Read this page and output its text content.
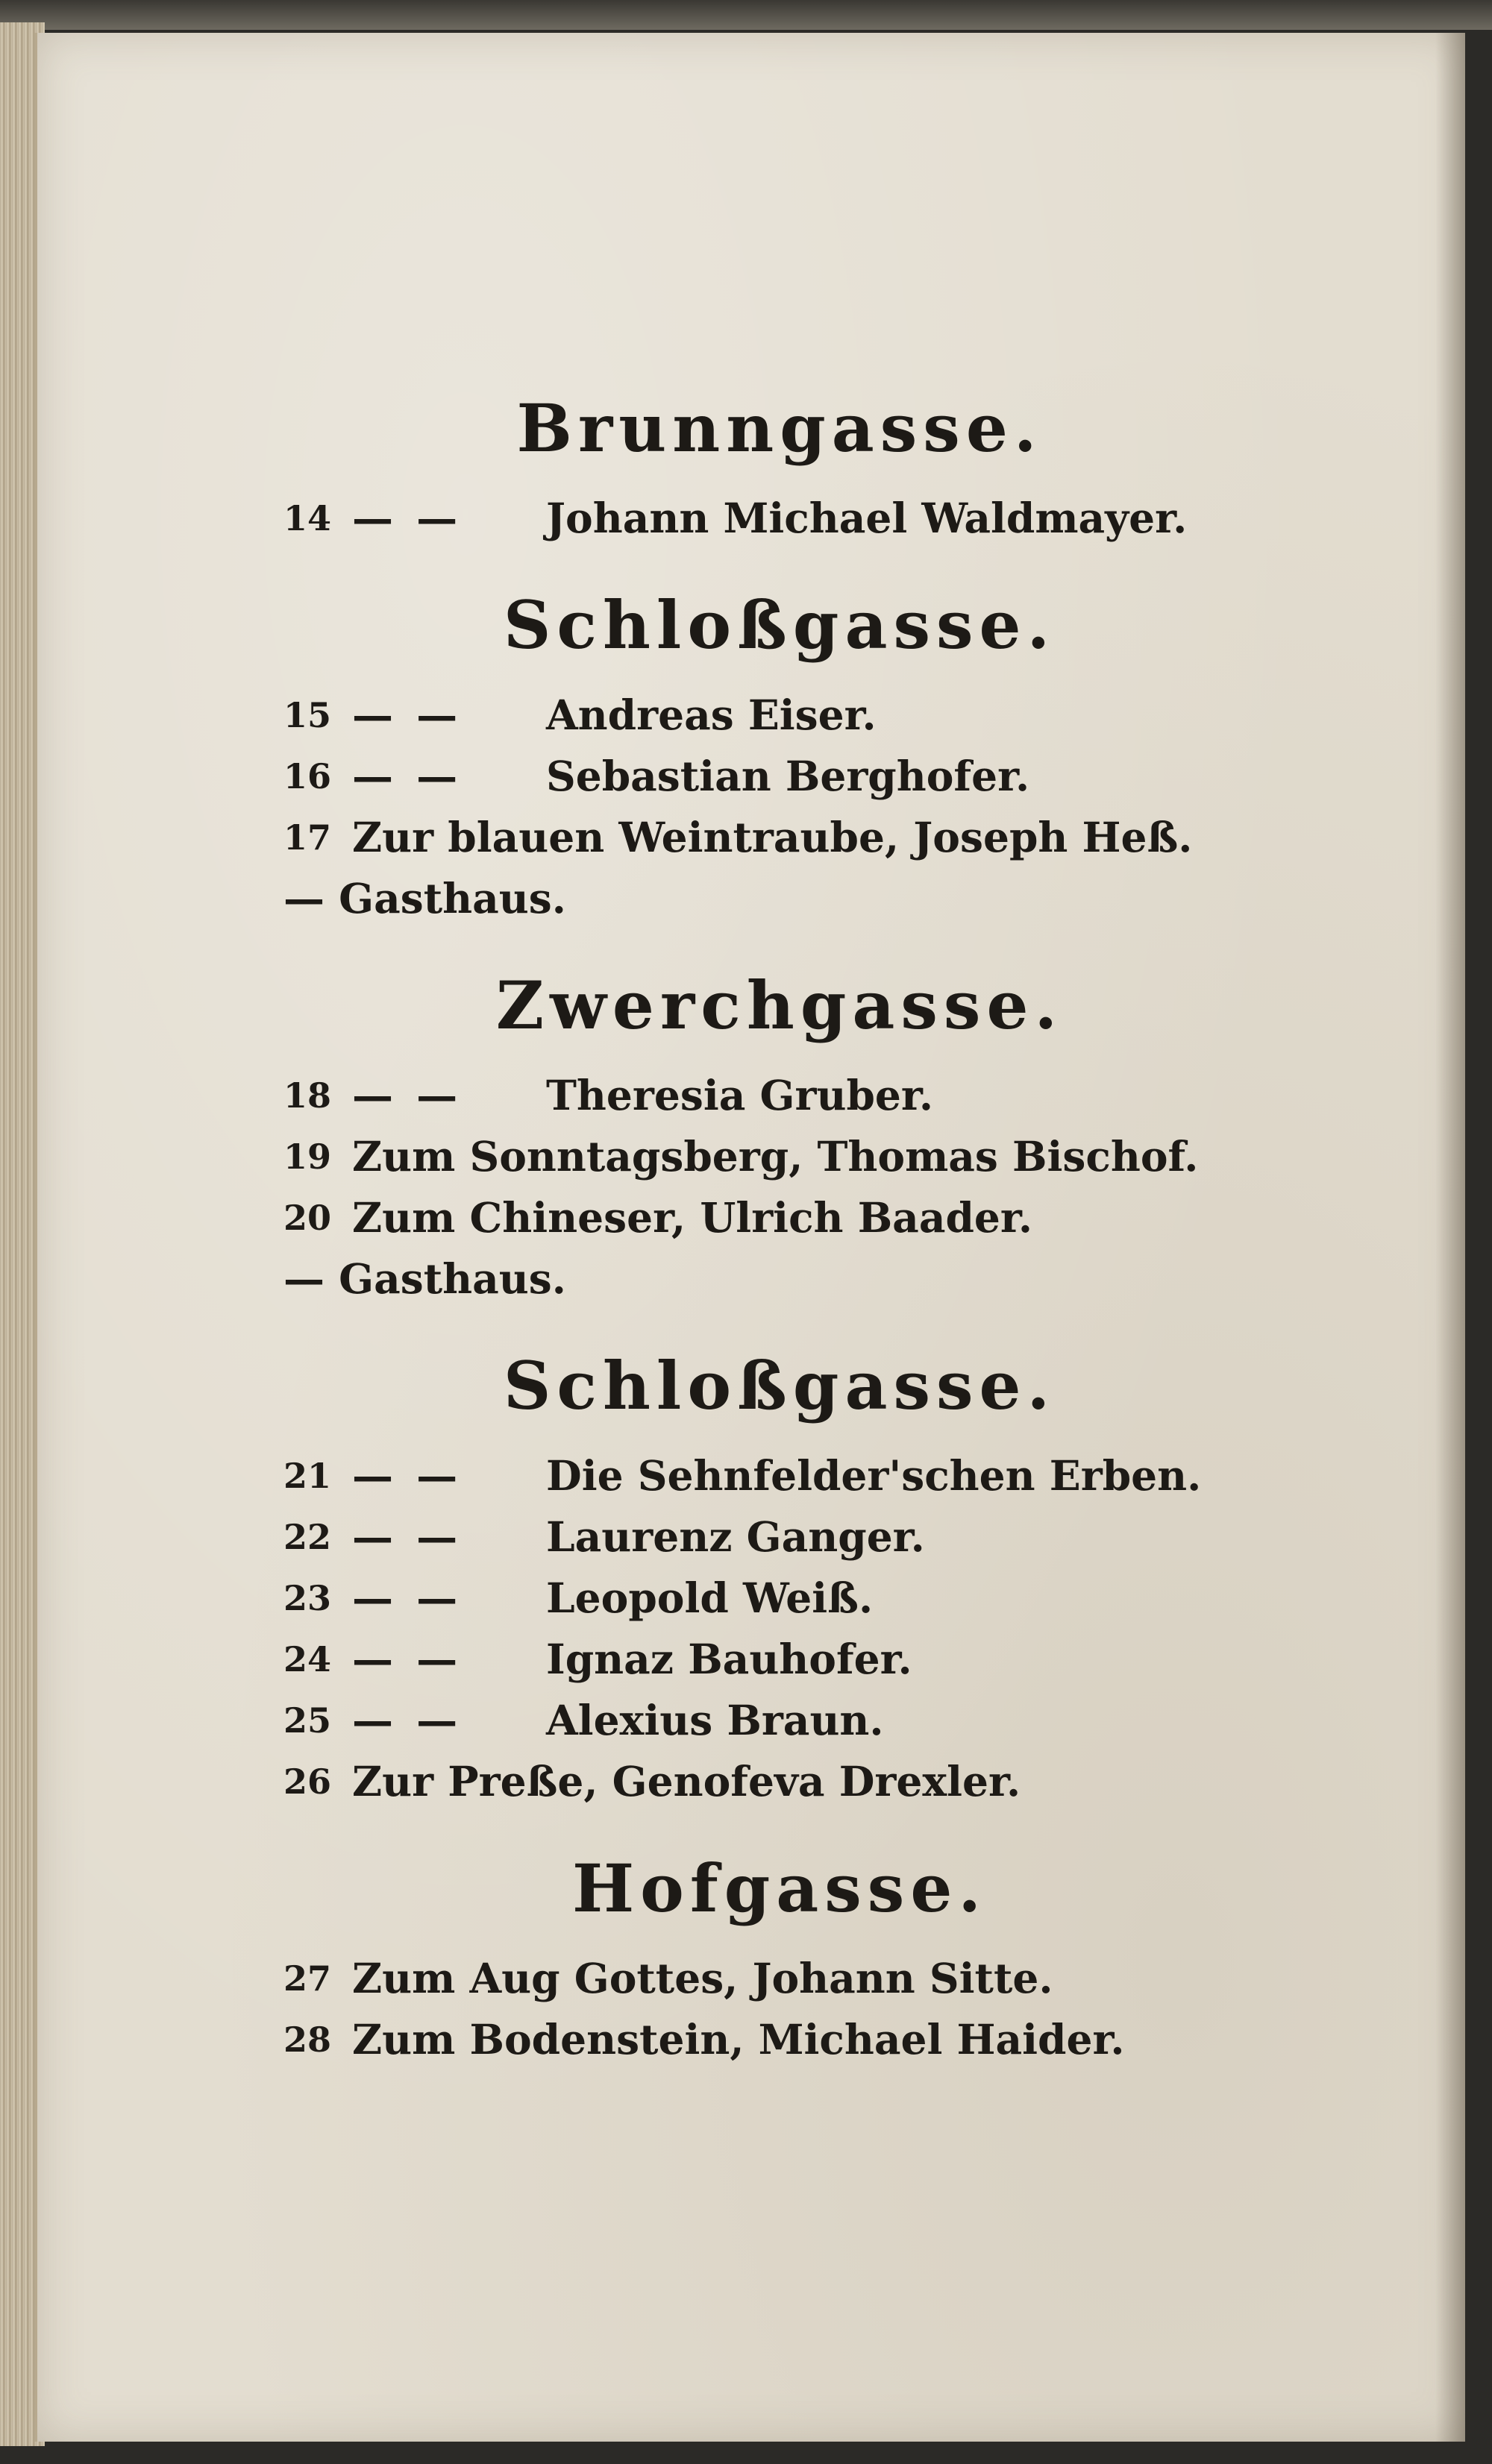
Brunngasse.

14 — —	Johann Michael Waldmayer.

Schloßgasse.

15 — —	Andreas Eiser.

16 — —	Sebastian Berghofer.

17 Zur blauen Weintraube, Joseph Heß.

— Gasthaus.

Zwerchgasse.

18 — —	Theresia Gruber.

19 Zum Sonntagsberg, Thomas Bischof.

20 Zum Chineser, Ulrich Baader.

— Gasthaus.

Schloßgasse.

21 — —	Die Sehnfelder'schen Erben.

22 — —	Laurenz Ganger.

23 — —	Leopold Weiß.

24 — —	Ignaz Bauhofer.

25 — —	Alexius Braun.

26 Zur Preße, Genofeva Drexler.

Hofgasse.

27 Zum Aug Gottes, Johann Sitte.

28 Zum Bodenstein, Michael Haider.
